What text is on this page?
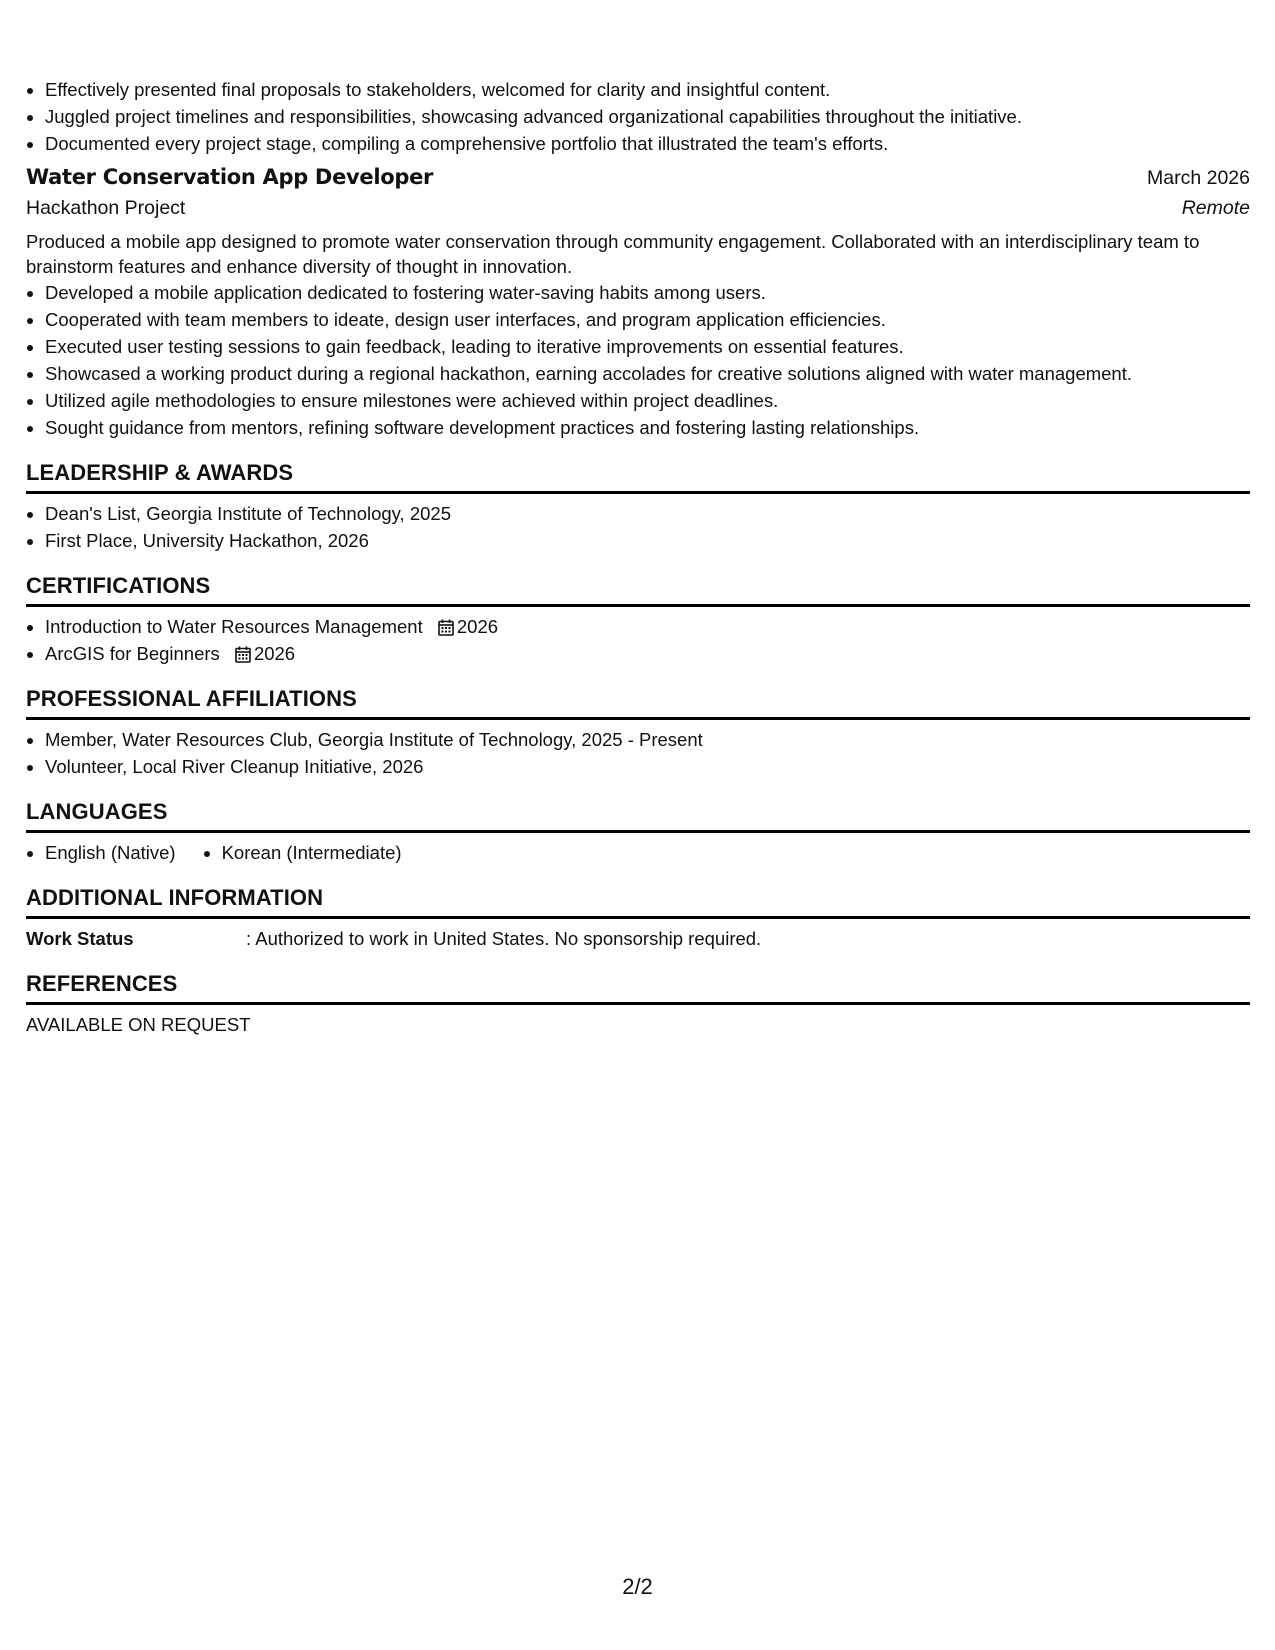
• Effectively presented final proposals to stakeholders, welcomed for clarity and insightful content.
• Juggled project timelines and responsibilities, showcasing advanced organizational capabilities throughout the initiative.
• Documented every project stage, compiling a comprehensive portfolio that illustrated the team's efforts.
Water Conservation App Developer	March 2026
Hackathon Project	Remote
Produced a mobile app designed to promote water conservation through community engagement. Collaborated with an interdisciplinary team to brainstorm features and enhance diversity of thought in innovation.
• Developed a mobile application dedicated to fostering water-saving habits among users.
• Cooperated with team members to ideate, design user interfaces, and program application efficiencies.
• Executed user testing sessions to gain feedback, leading to iterative improvements on essential features.
• Showcased a working product during a regional hackathon, earning accolades for creative solutions aligned with water management.
• Utilized agile methodologies to ensure milestones were achieved within project deadlines.
• Sought guidance from mentors, refining software development practices and fostering lasting relationships.
LEADERSHIP & AWARDS
• Dean's List, Georgia Institute of Technology, 2025
• First Place, University Hackathon, 2026
CERTIFICATIONS
• Introduction to Water Resources Management 2026
• ArcGIS for Beginners 2026
PROFESSIONAL AFFILIATIONS
• Member, Water Resources Club, Georgia Institute of Technology, 2025 - Present
• Volunteer, Local River Cleanup Initiative, 2026
LANGUAGES
• English (Native)
• Korean (Intermediate)
ADDITIONAL INFORMATION
Work Status	: Authorized to work in United States. No sponsorship required.
REFERENCES
AVAILABLE ON REQUEST
2/2
